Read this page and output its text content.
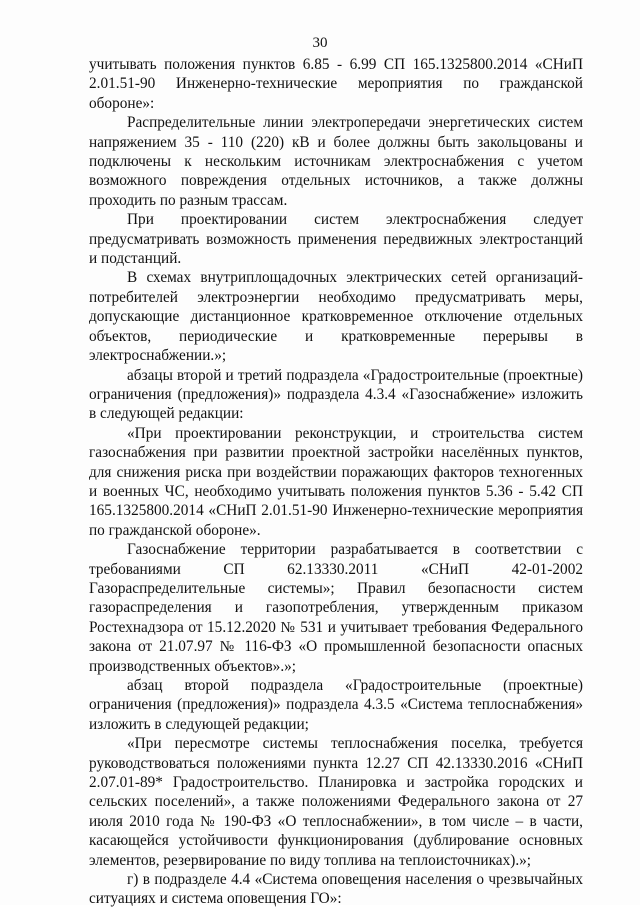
30

учитывать положения пунктов 6.85 - 6.99 СП 165.1325800.2014 «СНиП 2.01.51-90 Инженерно-технические мероприятия по гражданской обороне»:

Распределительные линии электропередачи энергетических систем напряжением 35 - 110 (220) кВ и более должны быть закольцованы и подключены к нескольким источникам электроснабжения с учетом возможного повреждения отдельных источников, а также должны проходить по разным трассам.

При проектировании систем электроснабжения следует предусматривать возможность применения передвижных электростанций и подстанций.

В схемах внутриплощадочных электрических сетей организаций-потребителей электроэнергии необходимо предусматривать меры, допускающие дистанционное кратковременное отключение отдельных объектов, периодические и кратковременные перерывы в электроснабжении.»;

абзацы второй и третий подраздела «Градостроительные (проектные) ограничения (предложения)» подраздела 4.3.4 «Газоснабжение» изложить в следующей редакции:

«При проектировании реконструкции, и строительства систем газоснабжения при развитии проектной застройки населённых пунктов, для снижения риска при воздействии поражающих факторов техногенных и военных ЧС, необходимо учитывать положения пунктов 5.36 - 5.42 СП 165.1325800.2014 «СНиП 2.01.51-90 Инженерно-технические мероприятия по гражданской обороне».

Газоснабжение территории разрабатывается в соответствии с требованиями СП 62.13330.2011 «СНиП 42-01-2002 Газораспределительные системы»; Правил безопасности систем газораспределения и газопотребления, утвержденным приказом Ростехнадзора от 15.12.2020 № 531 и учитывает требования Федерального закона от 21.07.97 № 116-ФЗ «О промышленной безопасности опасных производственных объектов».»;

абзац второй подраздела «Градостроительные (проектные) ограничения (предложения)» подраздела 4.3.5 «Система теплоснабжения» изложить в следующей редакции;

«При пересмотре системы теплоснабжения поселка, требуется руководствоваться положениями пункта 12.27 СП 42.13330.2016 «СНиП 2.07.01-89* Градостроительство. Планировка и застройка городских и сельских поселений», а также положениями Федерального закона от 27 июля 2010 года № 190-ФЗ «О теплоснабжении», в том числе – в части, касающейся устойчивости функционирования (дублирование основных элементов, резервирование по виду топлива на теплоисточниках).»;

г) в подразделе 4.4 «Система оповещения населения о чрезвычайных ситуациях и система оповещения ГО»:
